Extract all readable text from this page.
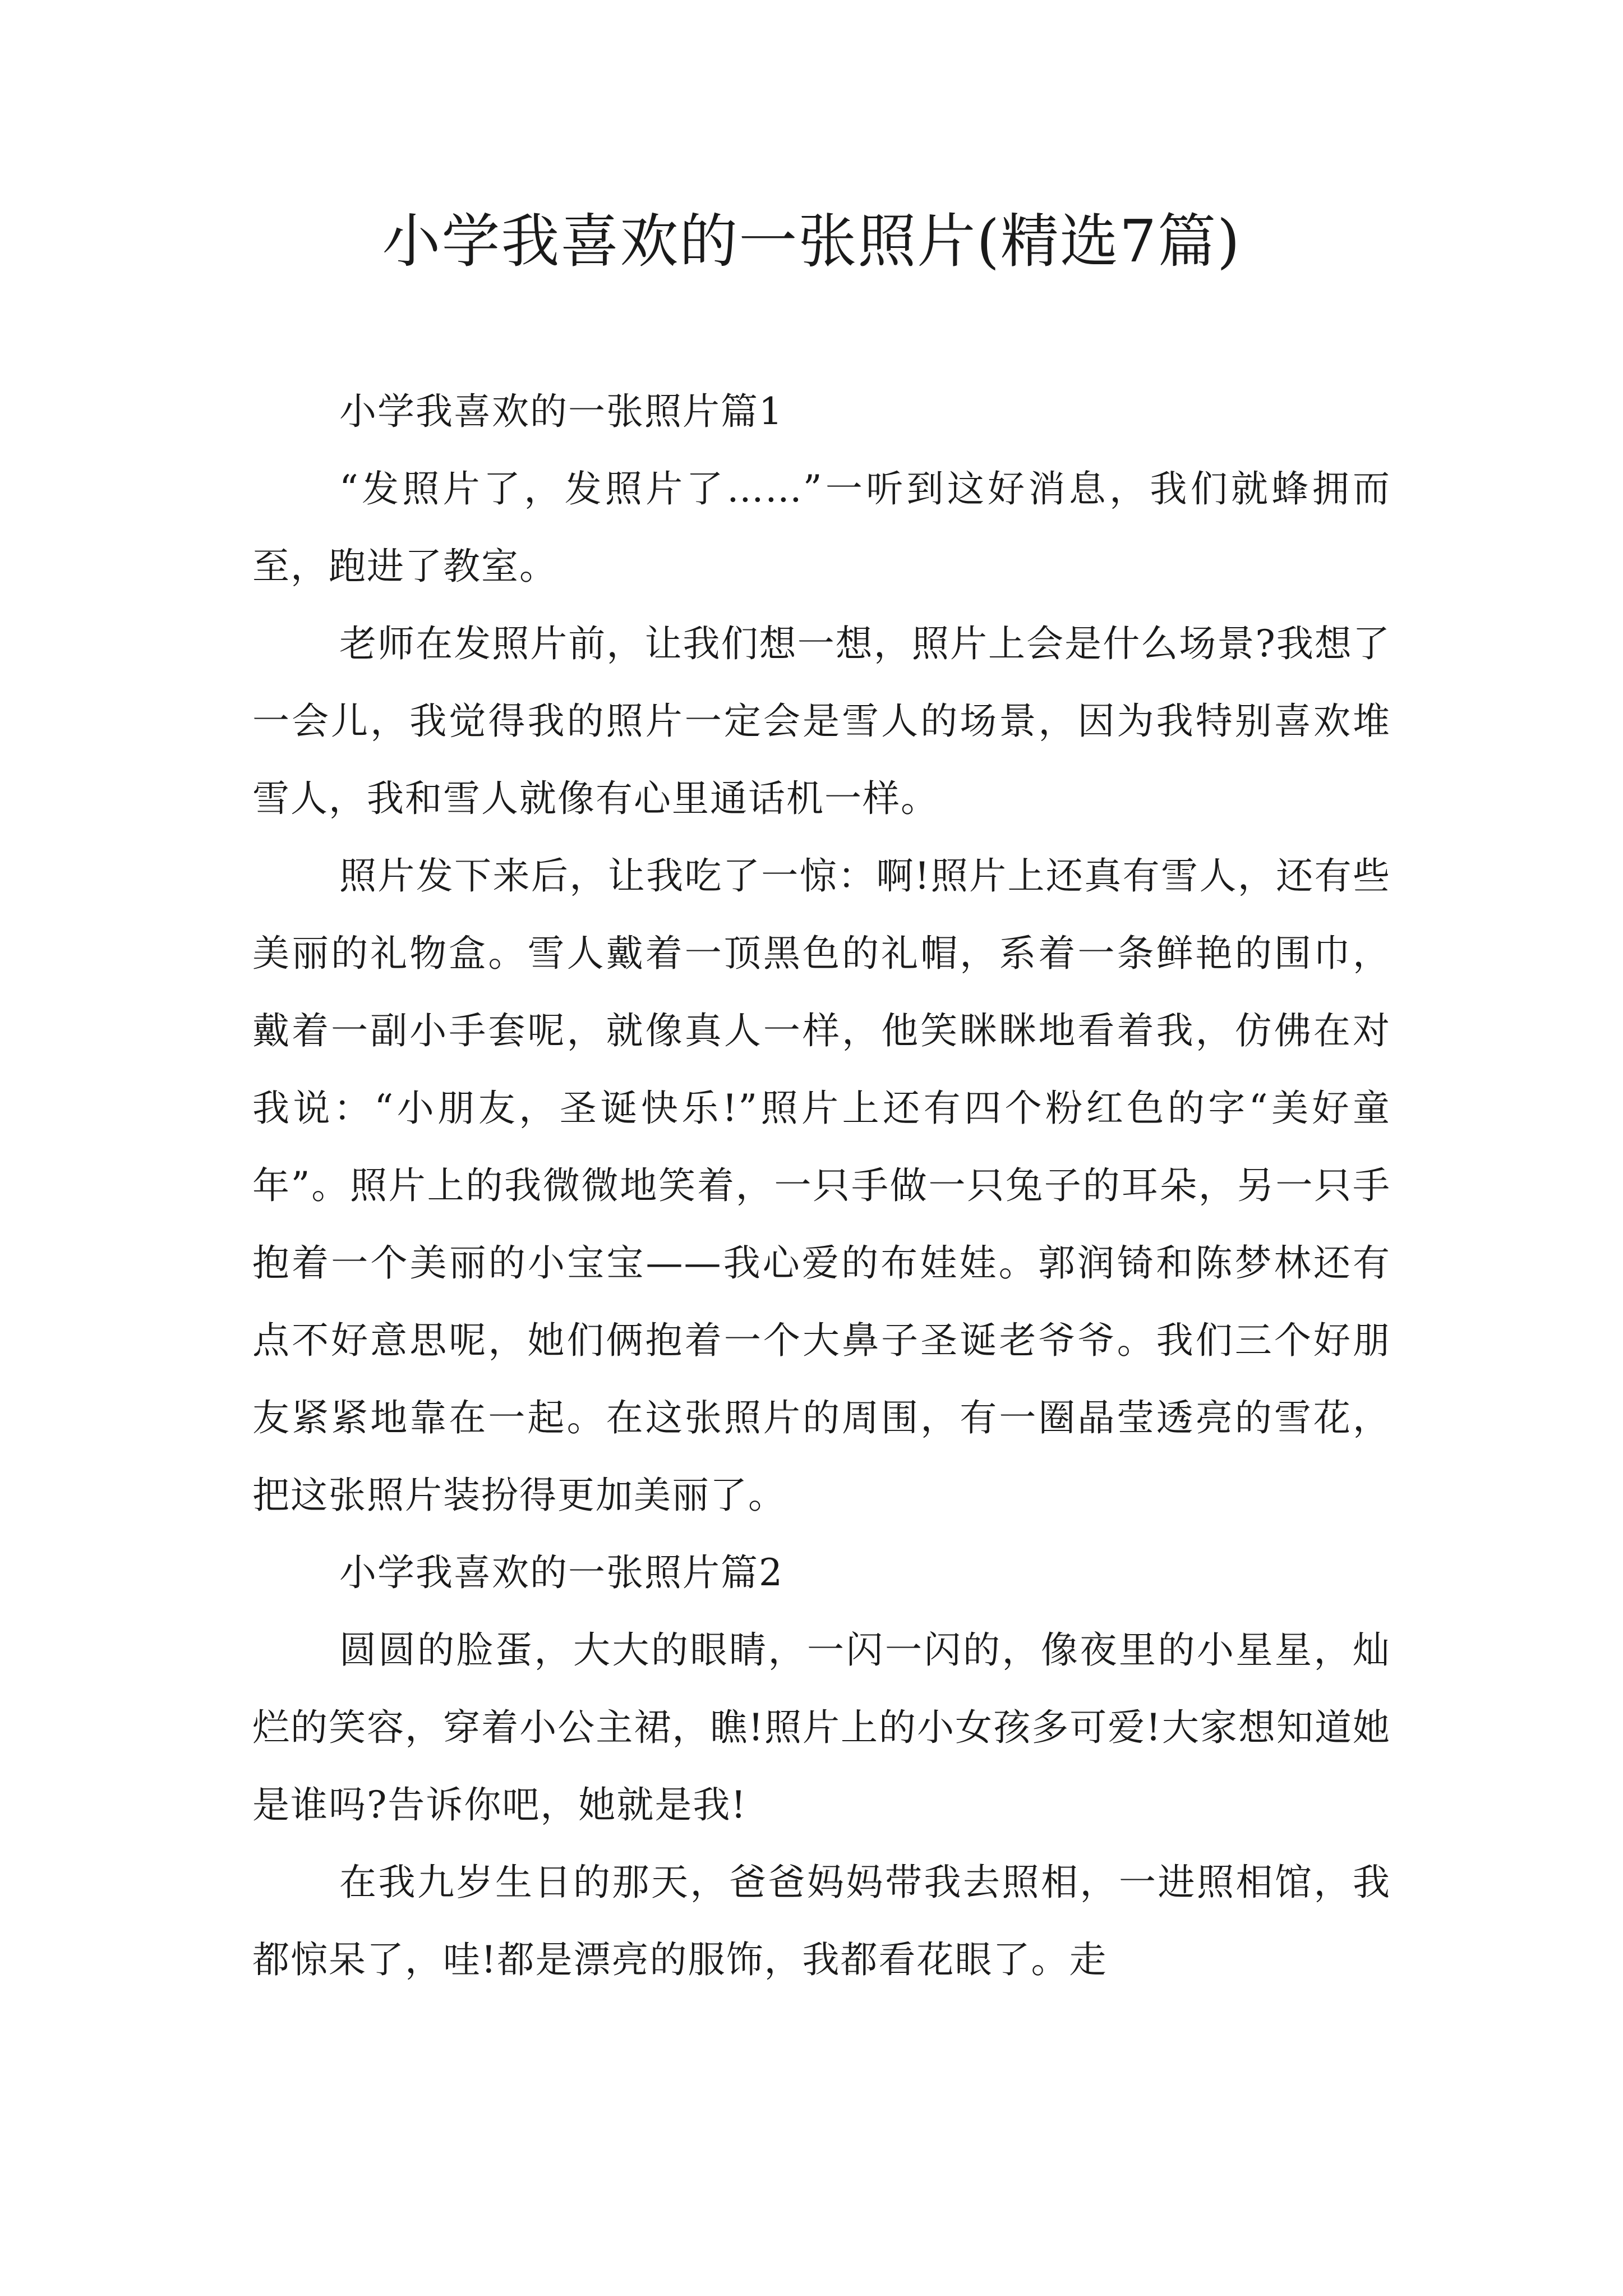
小学我喜欢的一张照片(精选7篇)

小学我喜欢的一张照片篇1

“发照片了，发照片了……”一听到这好消息，我们就蜂拥而至，跑进了教室。

老师在发照片前，让我们想一想，照片上会是什么场景?我想了一会儿，我觉得我的照片一定会是雪人的场景，因为我特别喜欢堆雪人，我和雪人就像有心里通话机一样。

照片发下来后，让我吃了一惊：啊!照片上还真有雪人，还有些美丽的礼物盒。雪人戴着一顶黑色的礼帽，系着一条鲜艳的围巾，戴着一副小手套呢，就像真人一样，他笑眯眯地看着我，仿佛在对我说：“小朋友，圣诞快乐!”照片上还有四个粉红色的字“美好童年”。照片上的我微微地笑着，一只手做一只兔子的耳朵，另一只手抱着一个美丽的小宝宝——我心爱的布娃娃。郭润锜和陈梦林还有点不好意思呢，她们俩抱着一个大鼻子圣诞老爷爷。我们三个好朋友紧紧地靠在一起。在这张照片的周围，有一圈晶莹透亮的雪花，把这张照片装扮得更加美丽了。

小学我喜欢的一张照片篇2

圆圆的脸蛋，大大的眼睛，一闪一闪的，像夜里的小星星，灿烂的笑容，穿着小公主裙，瞧!照片上的小女孩多可爱!大家想知道她是谁吗?告诉你吧，她就是我!

在我九岁生日的那天，爸爸妈妈带我去照相，一进照相馆，我都惊呆了，哇!都是漂亮的服饰，我都看花眼了。走
